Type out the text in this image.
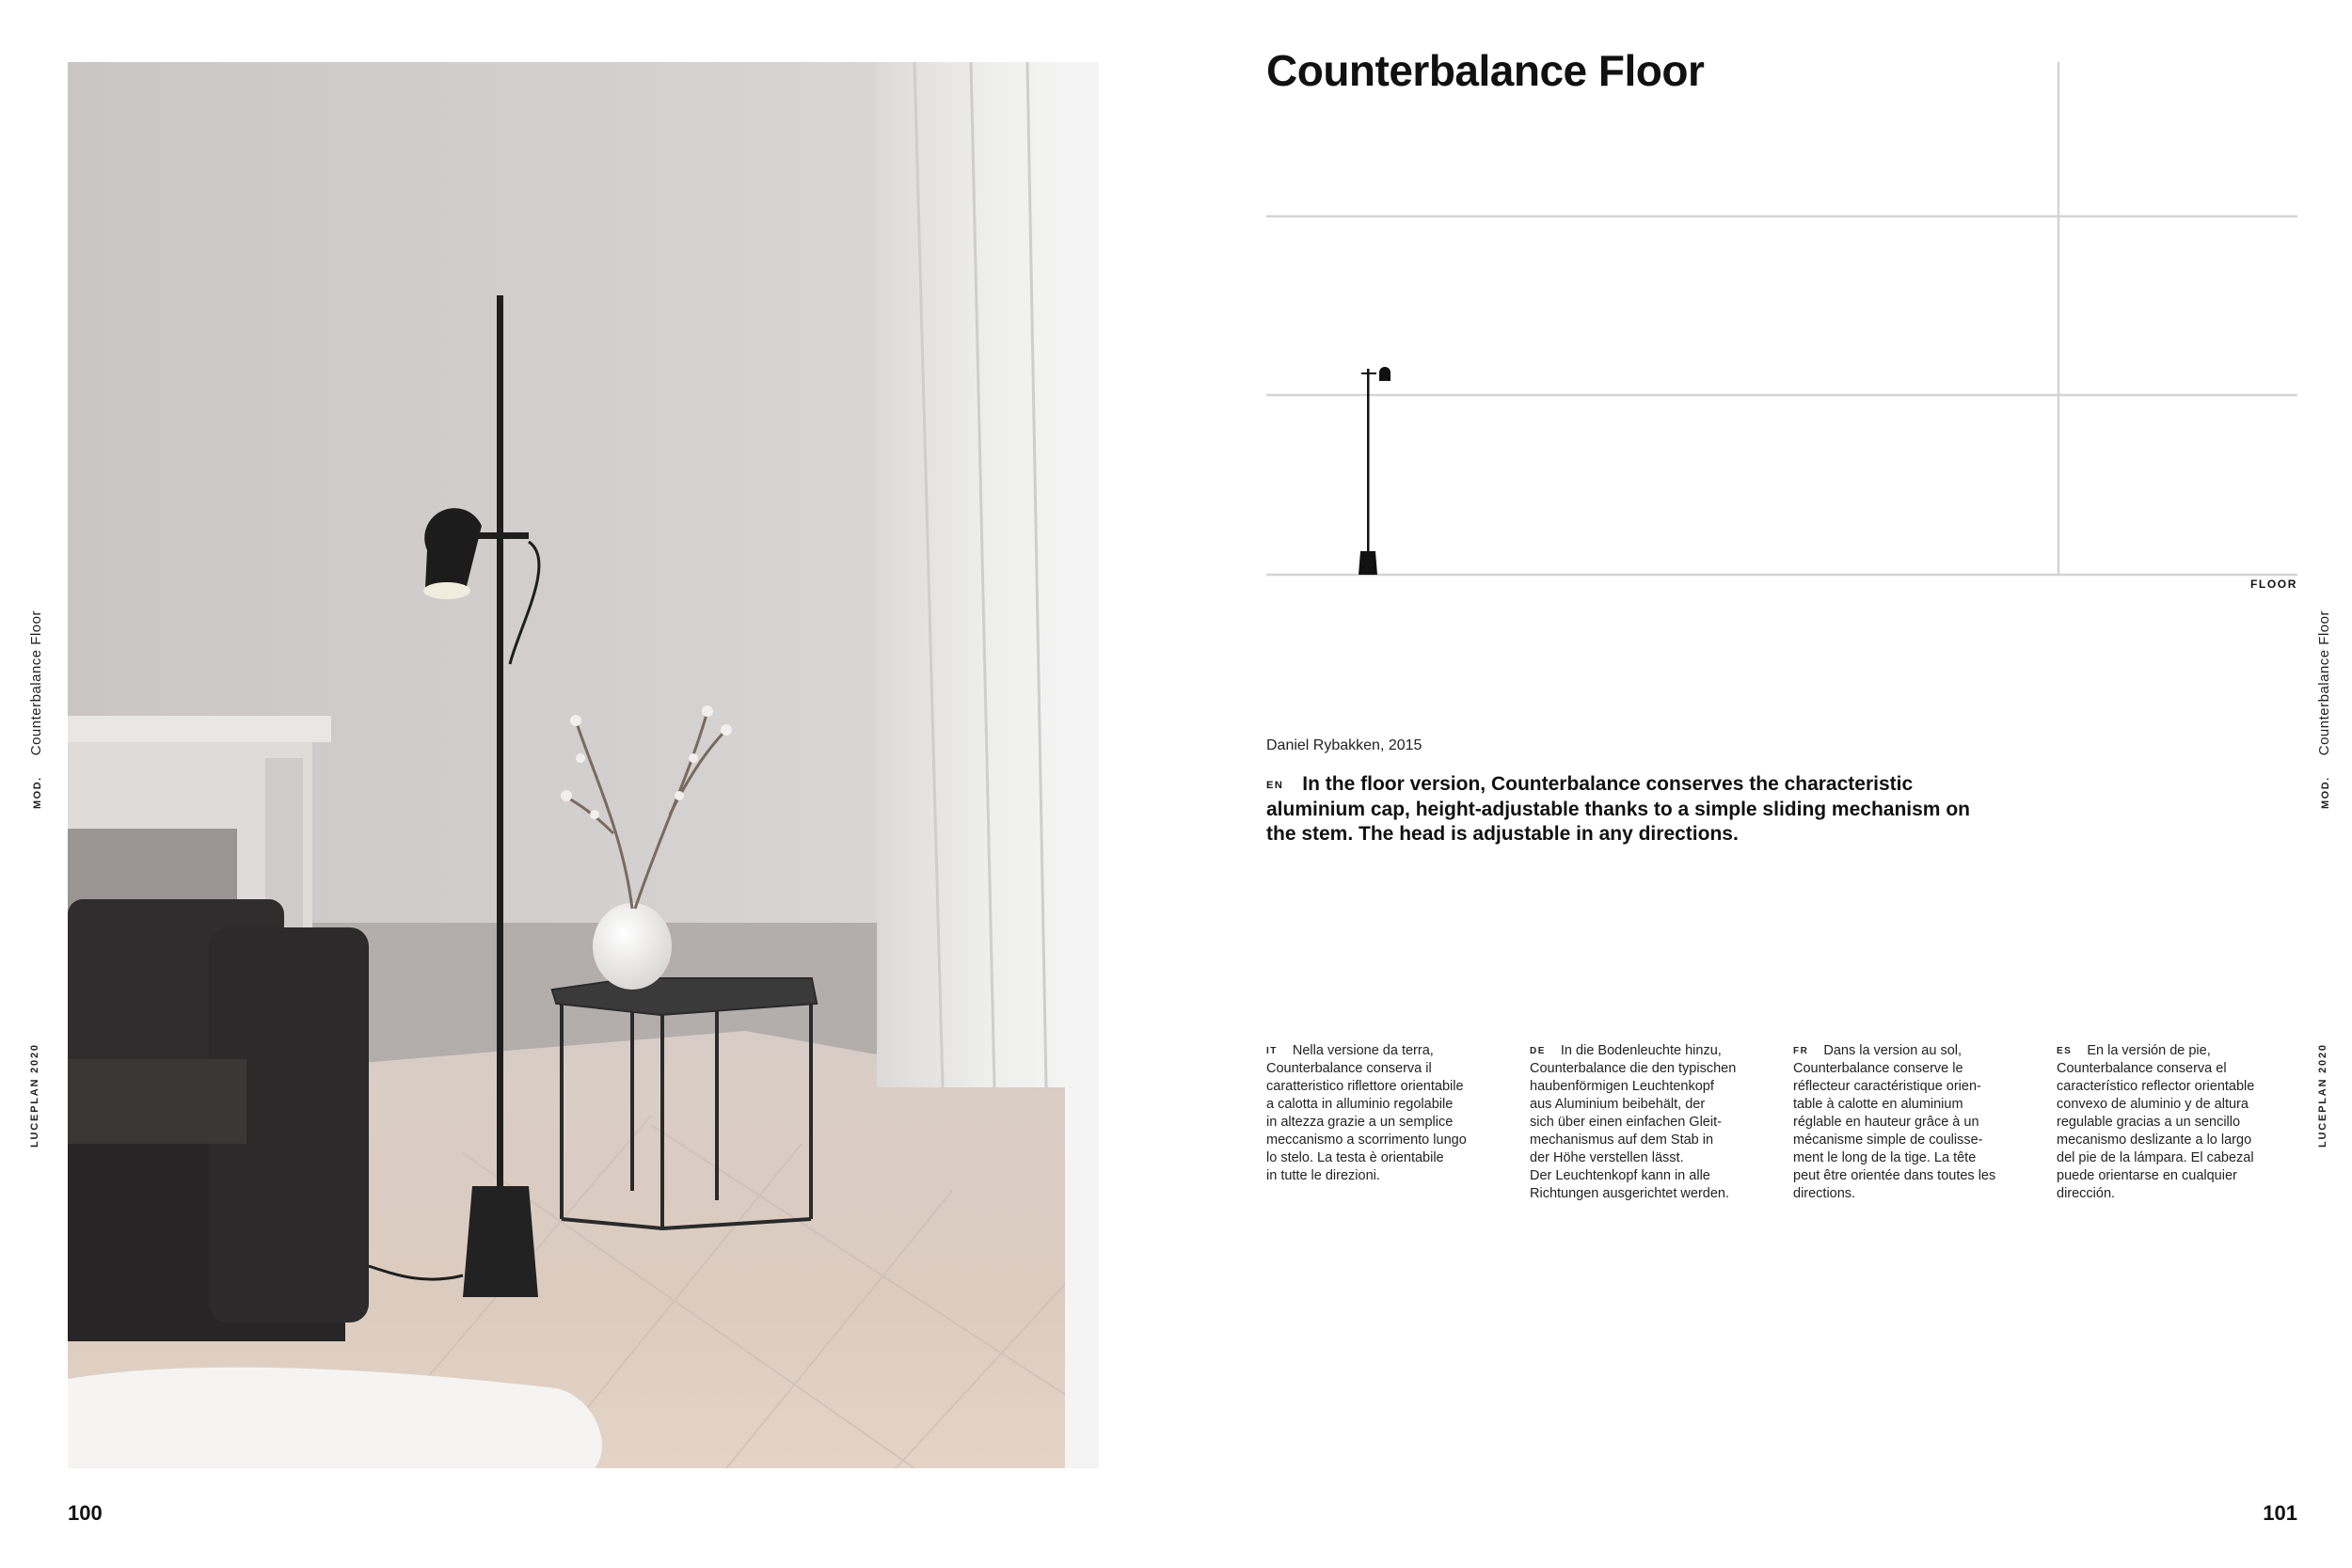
MOD.Counterbalance Floor
LUCEPLAN 2020
100
Counterbalance Floor
FLOOR
Daniel Rybakken, 2015
EN In the floor version, Counterbalance conserves the characteristic aluminium cap, height-adjustable thanks to a simple sliding mechanism on the stem. The head is adjustable in any directions.

IT Nella versione da terra,
Counterbalance conserva il
caratteristico riflettore orientabile
a calotta in alluminio regolabile
in altezza grazie a un semplice
meccanismo a scorrimento lungo
lo stelo. La testa è orientabile
in tutte le direzioni.

DE In die Bodenleuchte hinzu,
Counterbalance die den typischen
haubenförmigen Leuchtenkopf
aus Aluminium beibehält, der
sich über einen einfachen Gleit-
mechanismus auf dem Stab in
der Höhe verstellen lässt.
Der Leuchtenkopf kann in alle
Richtungen ausgerichtet werden.

FR Dans la version au sol,
Counterbalance conserve le
réflecteur caractéristique orien-
table à calotte en aluminium
réglable en hauteur grâce à un
mécanisme simple de coulisse-
ment le long de la tige. La tête
peut être orientée dans toutes les
directions.

ES En la versión de pie,
Counterbalance conserva el
característico reflector orientable
convexo de aluminio y de altura
regulable gracias a un sencillo
mecanismo deslizante a lo largo
del pie de la lámpara. El cabezal
puede orientarse en cualquier
dirección.

MOD.Counterbalance Floor
LUCEPLAN 2020
101
